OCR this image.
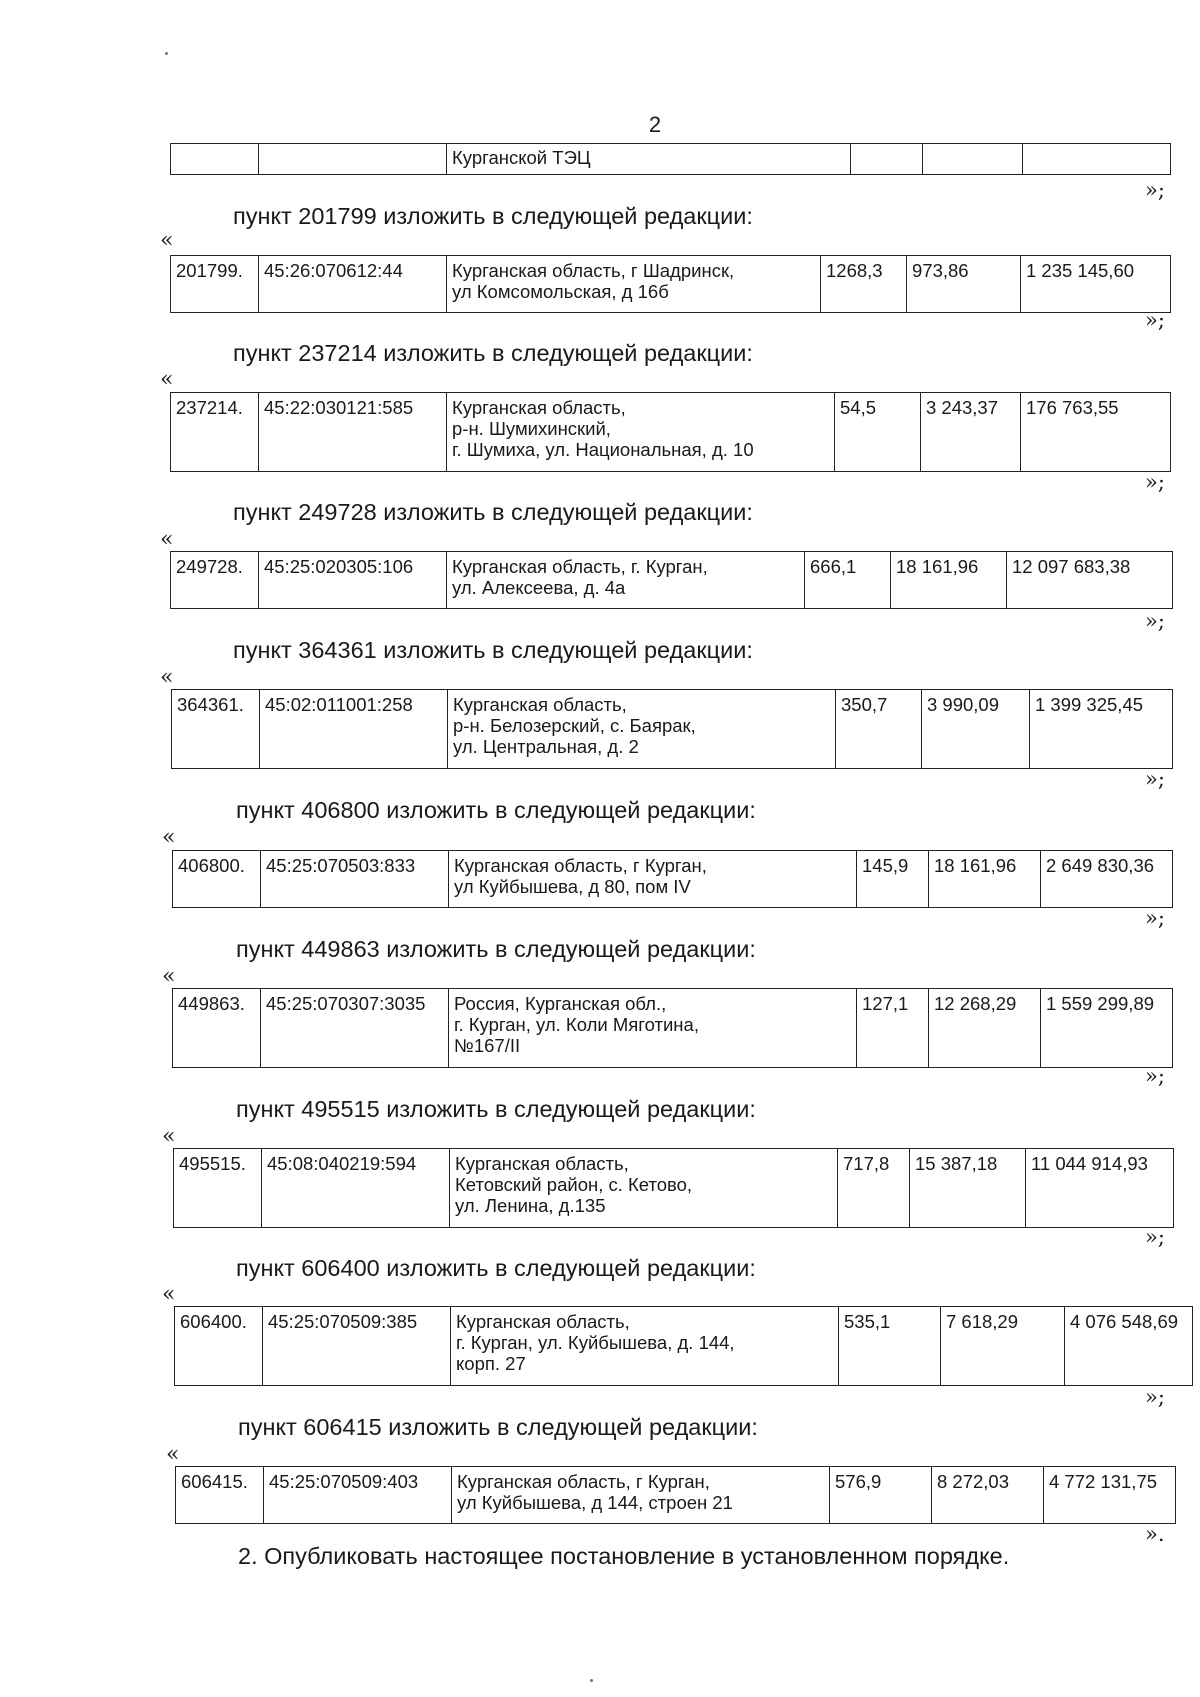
2
		Курганской ТЭЦ			
»;
пункт 201799 изложить в следующей редакции:
«
201799.	45:26:070612:44	Курганская область, г Шадринск,
ул Комсомольская, д 16б	1268,3	973,86	1 235 145,60
»;
пункт 237214 изложить в следующей редакции:
«
237214.	45:22:030121:585	Курганская область,
р-н. Шумихинский,
г. Шумиха, ул. Национальная, д. 10	54,5	3 243,37	176 763,55
»;
пункт 249728 изложить в следующей редакции:
«
249728.	45:25:020305:106	Курганская область, г. Курган,
ул. Алексеева, д. 4а	666,1	18 161,96	12 097 683,38
»;
пункт 364361 изложить в следующей редакции:
«
364361.	45:02:011001:258	Курганская область,
р-н. Белозерский, с. Баярак,
ул. Центральная, д. 2	350,7	3 990,09	1 399 325,45
»;
пункт 406800 изложить в следующей редакции:
«
406800.	45:25:070503:833	Курганская область, г Курган,
ул Куйбышева, д 80, пом IV	145,9	18 161,96	2 649 830,36
»;
пункт 449863 изложить в следующей редакции:
«
449863.	45:25:070307:3035	Россия, Курганская обл.,
г. Курган, ул. Коли Мяготина,
№167/II	127,1	12 268,29	1 559 299,89
»;
пункт 495515 изложить в следующей редакции:
«
495515.	45:08:040219:594	Курганская область,
Кетовский район, с. Кетово,
ул. Ленина, д.135	717,8	15 387,18	11 044 914,93
»;
пункт 606400 изложить в следующей редакции:
«
606400.	45:25:070509:385	Курганская область,
г. Курган, ул. Куйбышева, д. 144,
корп. 27	535,1	7 618,29	4 076 548,69
»;
пункт 606415 изложить в следующей редакции:
«
606415.	45:25:070509:403	Курганская область, г Курган,
ул Куйбышева, д 144, строен 21	576,9	8 272,03	4 772 131,75
».
2. Опубликовать настоящее постановление в установленном порядке.
